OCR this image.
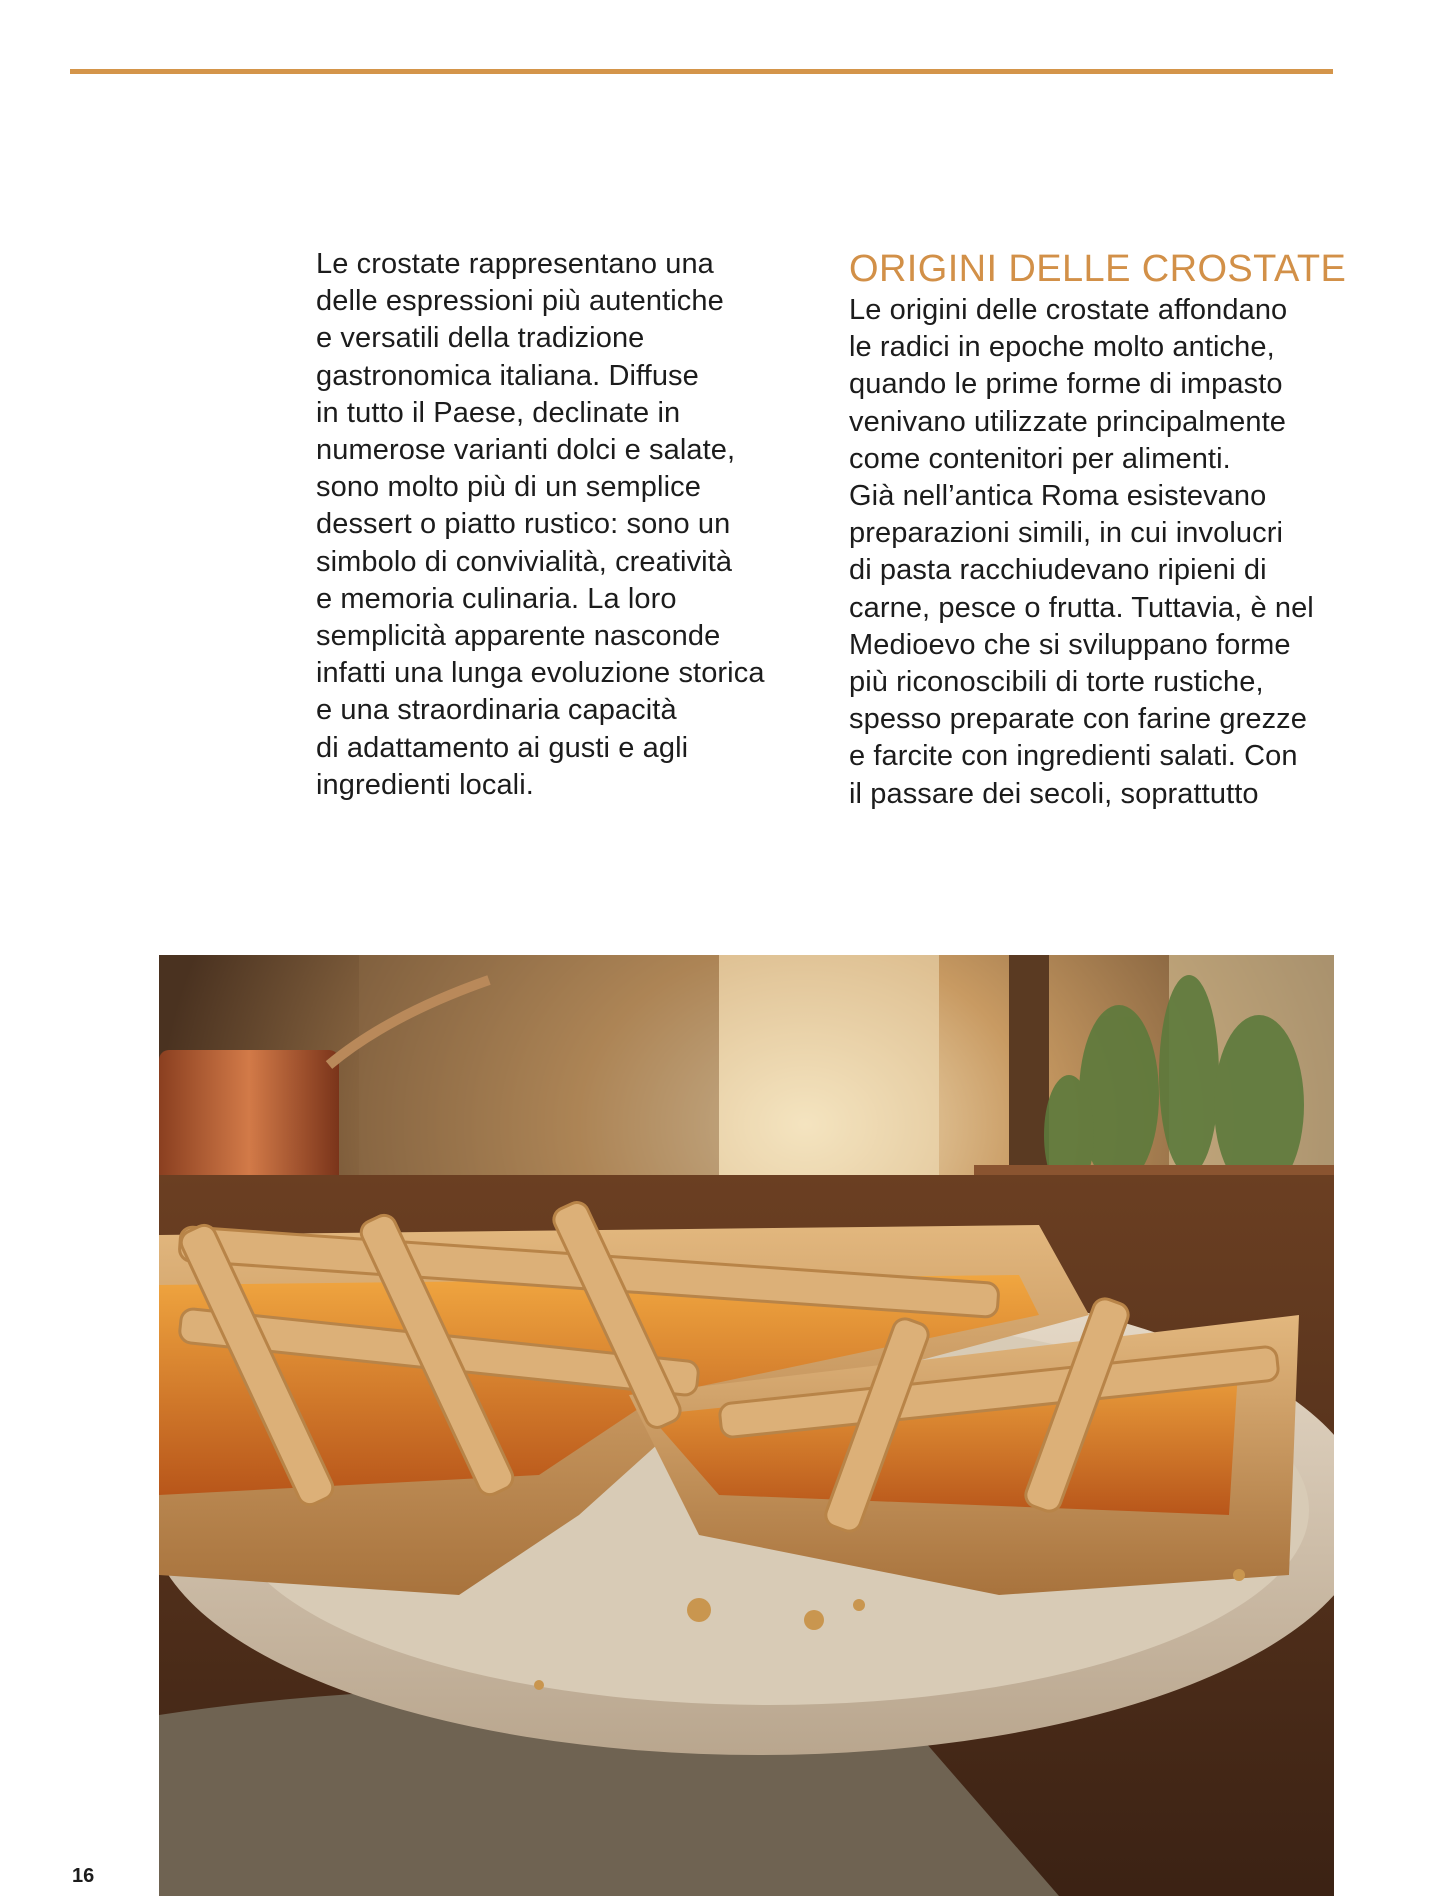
Le crostate rappresentano una
delle espressioni più autentiche
e versatili della tradizione
gastronomica italiana. Diffuse
in tutto il Paese, declinate in
numerose varianti dolci e salate,
sono molto più di un semplice
dessert o piatto rustico: sono un
simbolo di convivialità, creatività
e memoria culinaria. La loro
semplicità apparente nasconde
infatti una lunga evoluzione storica
e una straordinaria capacità
di adattamento ai gusti e agli
ingredienti locali.
ORIGINI DELLE CROSTATE
Le origini delle crostate affondano
le radici in epoche molto antiche,
quando le prime forme di impasto
venivano utilizzate principalmente
come contenitori per alimenti.
Già nell’antica Roma esistevano
preparazioni simili, in cui involucri
di pasta racchiudevano ripieni di
carne, pesce o frutta. Tuttavia, è nel
Medioevo che si sviluppano forme
più riconoscibili di torte rustiche,
spesso preparate con farine grezze
e farcite con ingredienti salati. Con
il passare dei secoli, soprattutto
16
